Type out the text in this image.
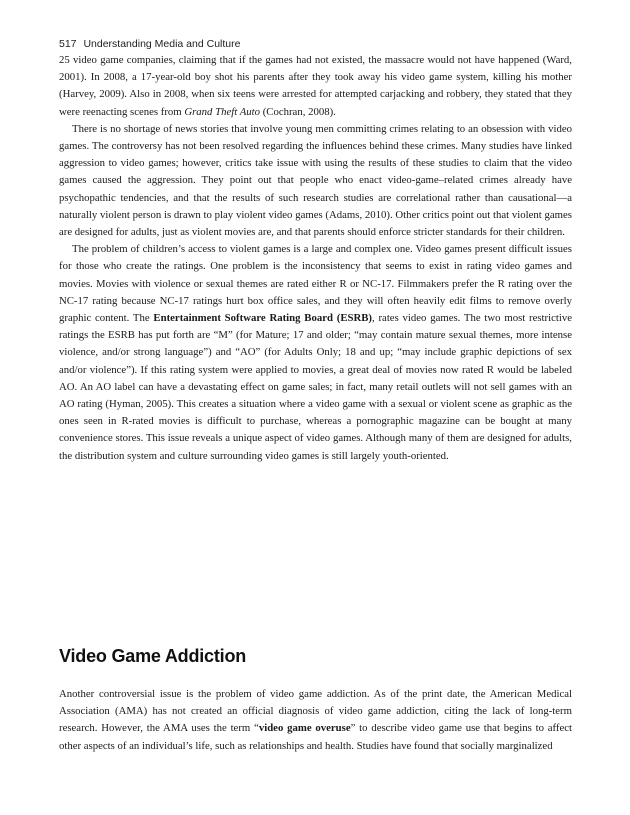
517 Understanding Media and Culture

25 video game companies, claiming that if the games had not existed, the massacre would not have happened (Ward, 2001). In 2008, a 17-year-old boy shot his parents after they took away his video game system, killing his mother (Harvey, 2009). Also in 2008, when six teens were arrested for attempted carjacking and robbery, they stated that they were reenacting scenes from Grand Theft Auto (Cochran, 2008).

There is no shortage of news stories that involve young men committing crimes relating to an obsession with video games. The controversy has not been resolved regarding the influences behind these crimes. Many studies have linked aggression to video games; however, critics take issue with using the results of these studies to claim that the video games caused the aggression. They point out that people who enact video-game–related crimes already have psychopathic tendencies, and that the results of such research studies are correlational rather than causational—a naturally violent person is drawn to play violent video games (Adams, 2010). Other critics point out that violent games are designed for adults, just as violent movies are, and that parents should enforce stricter standards for their children.

The problem of children’s access to violent games is a large and complex one. Video games present difficult issues for those who create the ratings. One problem is the inconsistency that seems to exist in rating video games and movies. Movies with violence or sexual themes are rated either R or NC-17. Filmmakers prefer the R rating over the NC-17 rating because NC-17 ratings hurt box office sales, and they will often heavily edit films to remove overly graphic content. The Entertainment Software Rating Board (ESRB), rates video games. The two most restrictive ratings the ESRB has put forth are “M” (for Mature; 17 and older; “may contain mature sexual themes, more intense violence, and/or strong language”) and “AO” (for Adults Only; 18 and up; “may include graphic depictions of sex and/or violence”). If this rating system were applied to movies, a great deal of movies now rated R would be labeled AO. An AO label can have a devastating effect on game sales; in fact, many retail outlets will not sell games with an AO rating (Hyman, 2005). This creates a situation where a video game with a sexual or violent scene as graphic as the ones seen in R-rated movies is difficult to purchase, whereas a pornographic magazine can be bought at many convenience stores. This issue reveals a unique aspect of video games. Although many of them are designed for adults, the distribution system and culture surrounding video games is still largely youth-oriented.

Video Game Addiction

Another controversial issue is the problem of video game addiction. As of the print date, the American Medical Association (AMA) has not created an official diagnosis of video game addiction, citing the lack of long-term research. However, the AMA uses the term “video game overuse” to describe video game use that begins to affect other aspects of an individual’s life, such as relationships and health. Studies have found that socially marginalized
